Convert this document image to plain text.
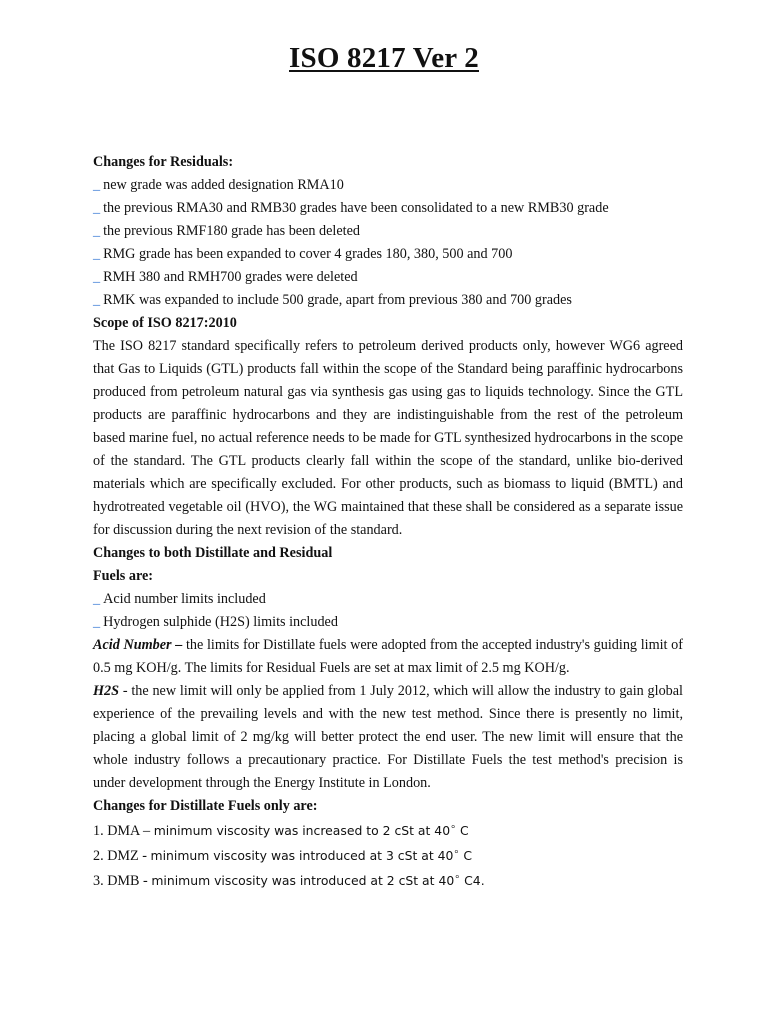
ISO 8217 Ver 2
Changes for Residuals:
_ new grade was added designation RMA10
_ the previous RMA30 and RMB30 grades have been consolidated to a new RMB30 grade
_ the previous RMF180 grade has been deleted
_ RMG grade has been expanded to cover 4 grades 180, 380, 500 and 700
_ RMH 380 and RMH700 grades were deleted
_ RMK was expanded to include 500 grade, apart from previous 380 and 700 grades
Scope of ISO 8217:2010
The ISO 8217 standard specifically refers to petroleum derived products only, however WG6 agreed that Gas to Liquids (GTL) products fall within the scope of the Standard being paraffinic hydrocarbons produced from petroleum natural gas via synthesis gas using gas to liquids technology. Since the GTL products are paraffinic hydrocarbons and they are indistinguishable from the rest of the petroleum based marine fuel, no actual reference needs to be made for GTL synthesized hydrocarbons in the scope of the standard. The GTL products clearly fall within the scope of the standard, unlike bio-derived materials which are specifically excluded. For other products, such as biomass to liquid (BMTL) and hydrotreated vegetable oil (HVO), the WG maintained that these shall be considered as a separate issue for discussion during the next revision of the standard.
Changes to both Distillate and Residual
Fuels are:
_ Acid number limits included
_ Hydrogen sulphide (H2S) limits included
Acid Number – the limits for Distillate fuels were adopted from the accepted industry's guiding limit of 0.5 mg KOH/g. The limits for Residual Fuels are set at max limit of 2.5 mg KOH/g.
H2S - the new limit will only be applied from 1 July 2012, which will allow the industry to gain global experience of the prevailing levels and with the new test method. Since there is presently no limit, placing a global limit of 2 mg/kg will better protect the end user. The new limit will ensure that the whole industry follows a precautionary practice. For Distillate Fuels the test method's precision is under development through the Energy Institute in London.
Changes for Distillate Fuels only are:
1. DMA – minimum viscosity was increased to 2 cSt at 40° C
2. DMZ - minimum viscosity was introduced at 3 cSt at 40° C
3. DMB - minimum viscosity was introduced at 2 cSt at 40° C4.
